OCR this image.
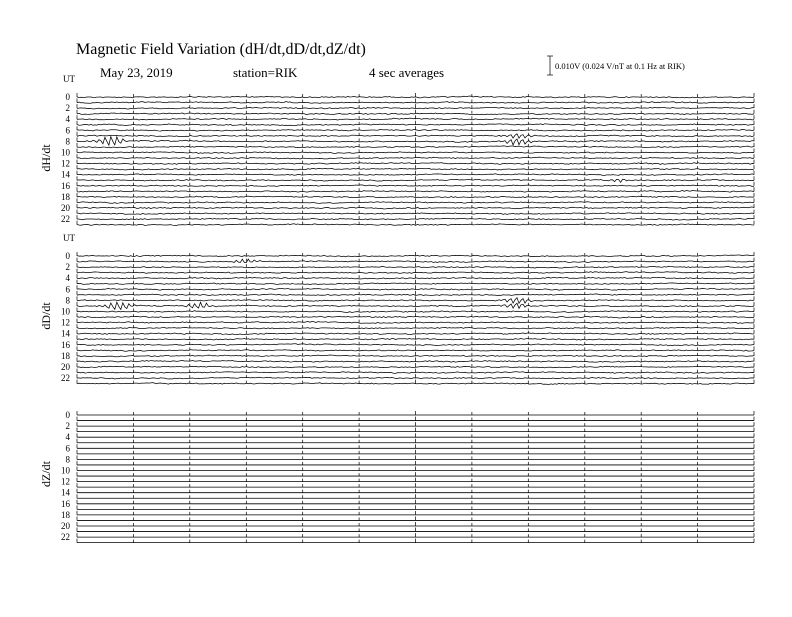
Magnetic Field Variation (dH/dt,dD/dt,dZ/dt)
May 23, 2019	station=RIK	4 sec averages	0.010V (0.024 V/nT at 0.1 Hz at RIK)
UT
dH/dt
0
2
4
6
8
10
12
14
16
18
20
22
UT
dD/dt
0
2
4
6
8
10
12
14
16
18
20
22
dZ/dt
0
2
4
6
8
10
12
14
16
18
20
22
